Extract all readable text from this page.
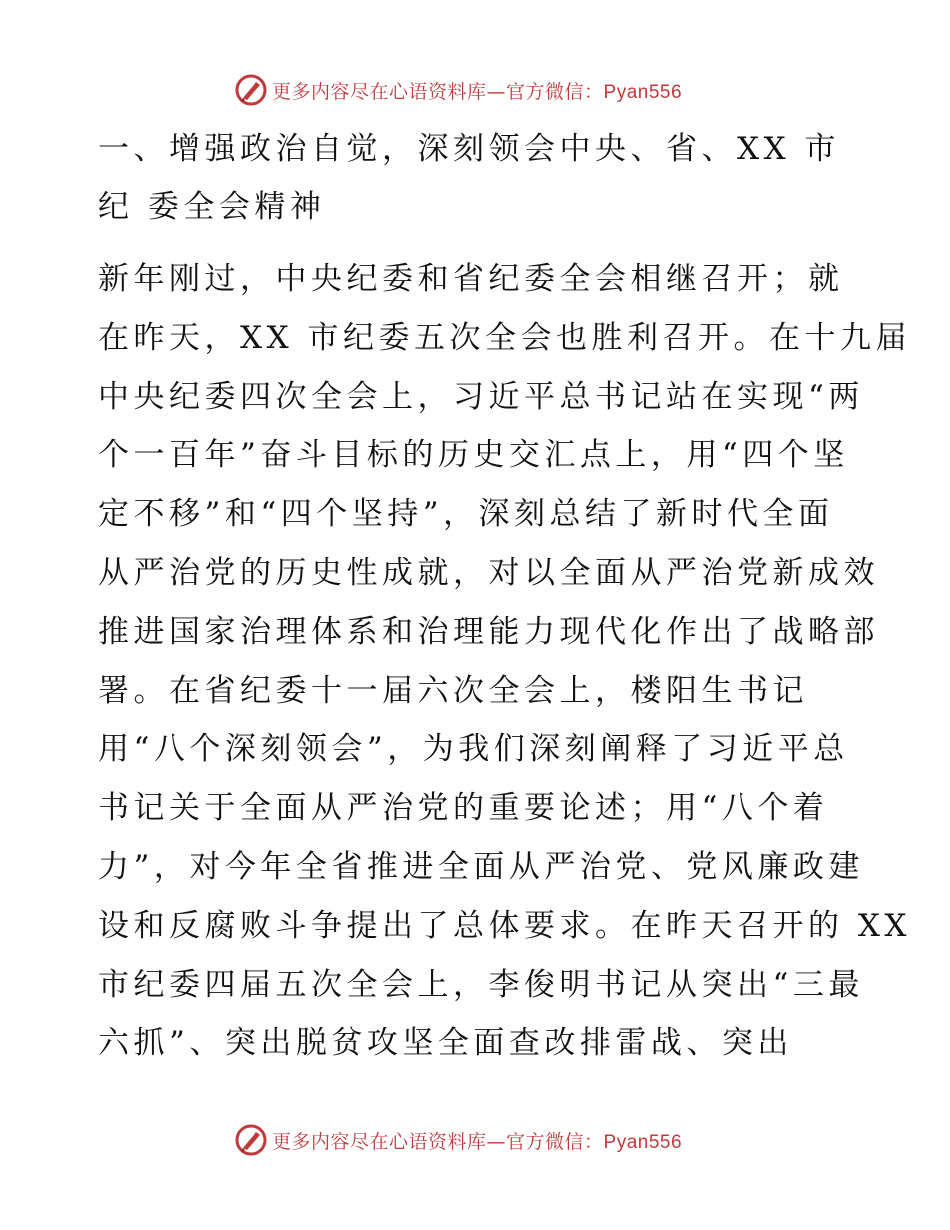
更多内容尽在心语资料库—官方微信：Pyan556
一、增强政治自觉，深刻领会中央、省、XX 市纪 委全会精神

新年刚过，中央纪委和省纪委全会相继召开；就
在昨天，XX 市纪委五次全会也胜利召开。在十九届
中央纪委四次全会上，习近平总书记站在实现“两
个一百年”奋斗目标的历史交汇点上，用“四个坚
定不移”和“四个坚持”，深刻总结了新时代全面
从严治党的历史性成就，对以全面从严治党新成效
推进国家治理体系和治理能力现代化作出了战略部
署。在省纪委十一届六次全会上，楼阳生书记
用“八个深刻领会”，为我们深刻阐释了习近平总
书记关于全面从严治党的重要论述；用“八个着
力”，对今年全省推进全面从严治党、党风廉政建
设和反腐败斗争提出了总体要求。在昨天召开的 XX
市纪委四届五次全会上，李俊明书记从突出“三最
六抓”、突出脱贫攻坚全面查改排雷战、突出

更多内容尽在心语资料库—官方微信：Pyan556
